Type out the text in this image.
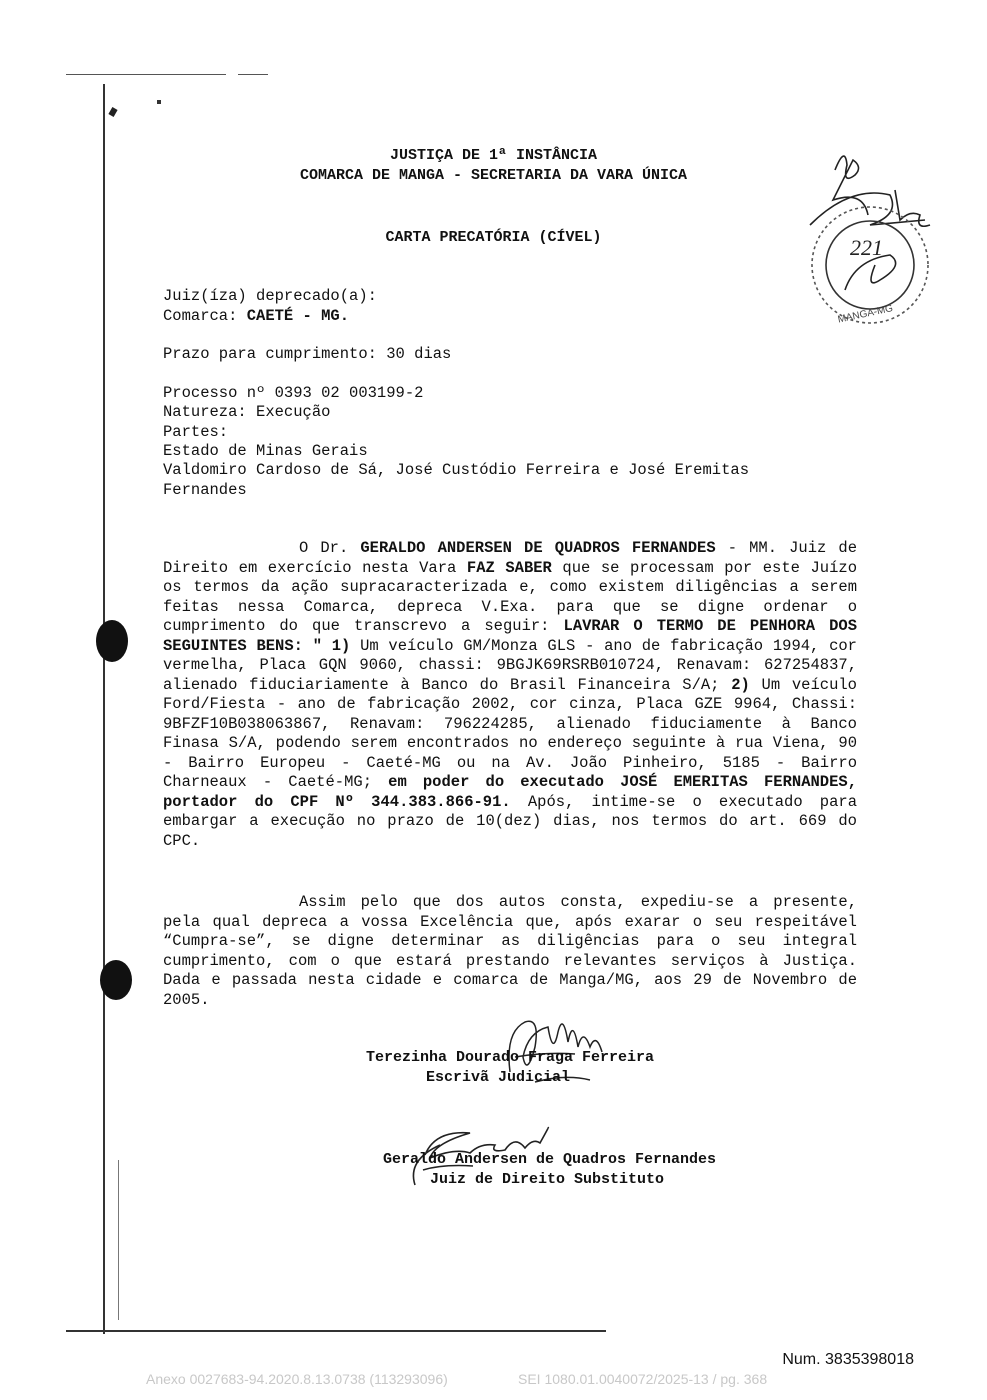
JUSTIÇA DE 1ª INSTÂNCIA
COMARCA DE MANGA - SECRETARIA DA VARA ÚNICA
CARTA PRECATÓRIA (CÍVEL)	221
MANGA-MG
Juiz(íza) deprecado(a):
Comarca: CAETÉ - MG.
Prazo para cumprimento: 30 dias
Processo nº 0393 02 003199-2
Natureza: Execução
Partes:
Estado de Minas Gerais
Valdomiro Cardoso de Sá, José Custódio Ferreira e José Eremitas
Fernandes
O Dr. GERALDO ANDERSEN DE QUADROS FERNANDES - MM. Juiz de Direito em exercício nesta Vara FAZ SABER que se processam por este Juízo os termos da ação supracaracterizada e, como existem diligências a serem feitas nessa Comarca, depreca V.Exa. para que se digne ordenar o cumprimento do que transcrevo a seguir: LAVRAR O TERMO DE PENHORA DOS SEGUINTES BENS: " 1) Um veículo GM/Monza GLS - ano de fabricação 1994, cor vermelha, Placa GQN 9060, chassi: 9BGJK69RSRB010724, Renavam: 627254837, alienado fiduciariamente à Banco do Brasil Financeira S/A; 2) Um veículo Ford/Fiesta - ano de fabricação 2002, cor cinza, Placa GZE 9964, Chassi: 9BFZF10B038063867, Renavam: 796224285, alienado fiduciamente à Banco Finasa S/A, podendo serem encontrados no endereço seguinte à rua Viena, 90 - Bairro Europeu - Caeté-MG ou na Av. João Pinheiro, 5185 - Bairro Charneaux - Caeté-MG; em poder do executado JOSÉ EMERITAS FERNANDES, portador do CPF Nº 344.383.866-91. Após, intime-se o executado para embargar a execução no prazo de 10(dez) dias, nos termos do art. 669 do CPC.
Assim pelo que dos autos consta, expediu-se a presente, pela qual depreca a vossa Excelência que, após exarar o seu respeitável “Cumpra-se”, se digne determinar as diligências para o seu integral cumprimento, com o que estará prestando relevantes serviços à Justiça. Dada e passada nesta cidade e comarca de Manga/MG, aos 29 de Novembro de 2005.
Terezinha Dourado Fraga Ferreira
Escrivã Judicial
Geraldo Andersen de Quadros Fernandes
Juiz de Direito Substituto
Num. 3835398018
Anexo 0027683-94.2020.8.13.0738 (113293096)	SEI 1080.01.0040072/2025-13 / pg. 368
